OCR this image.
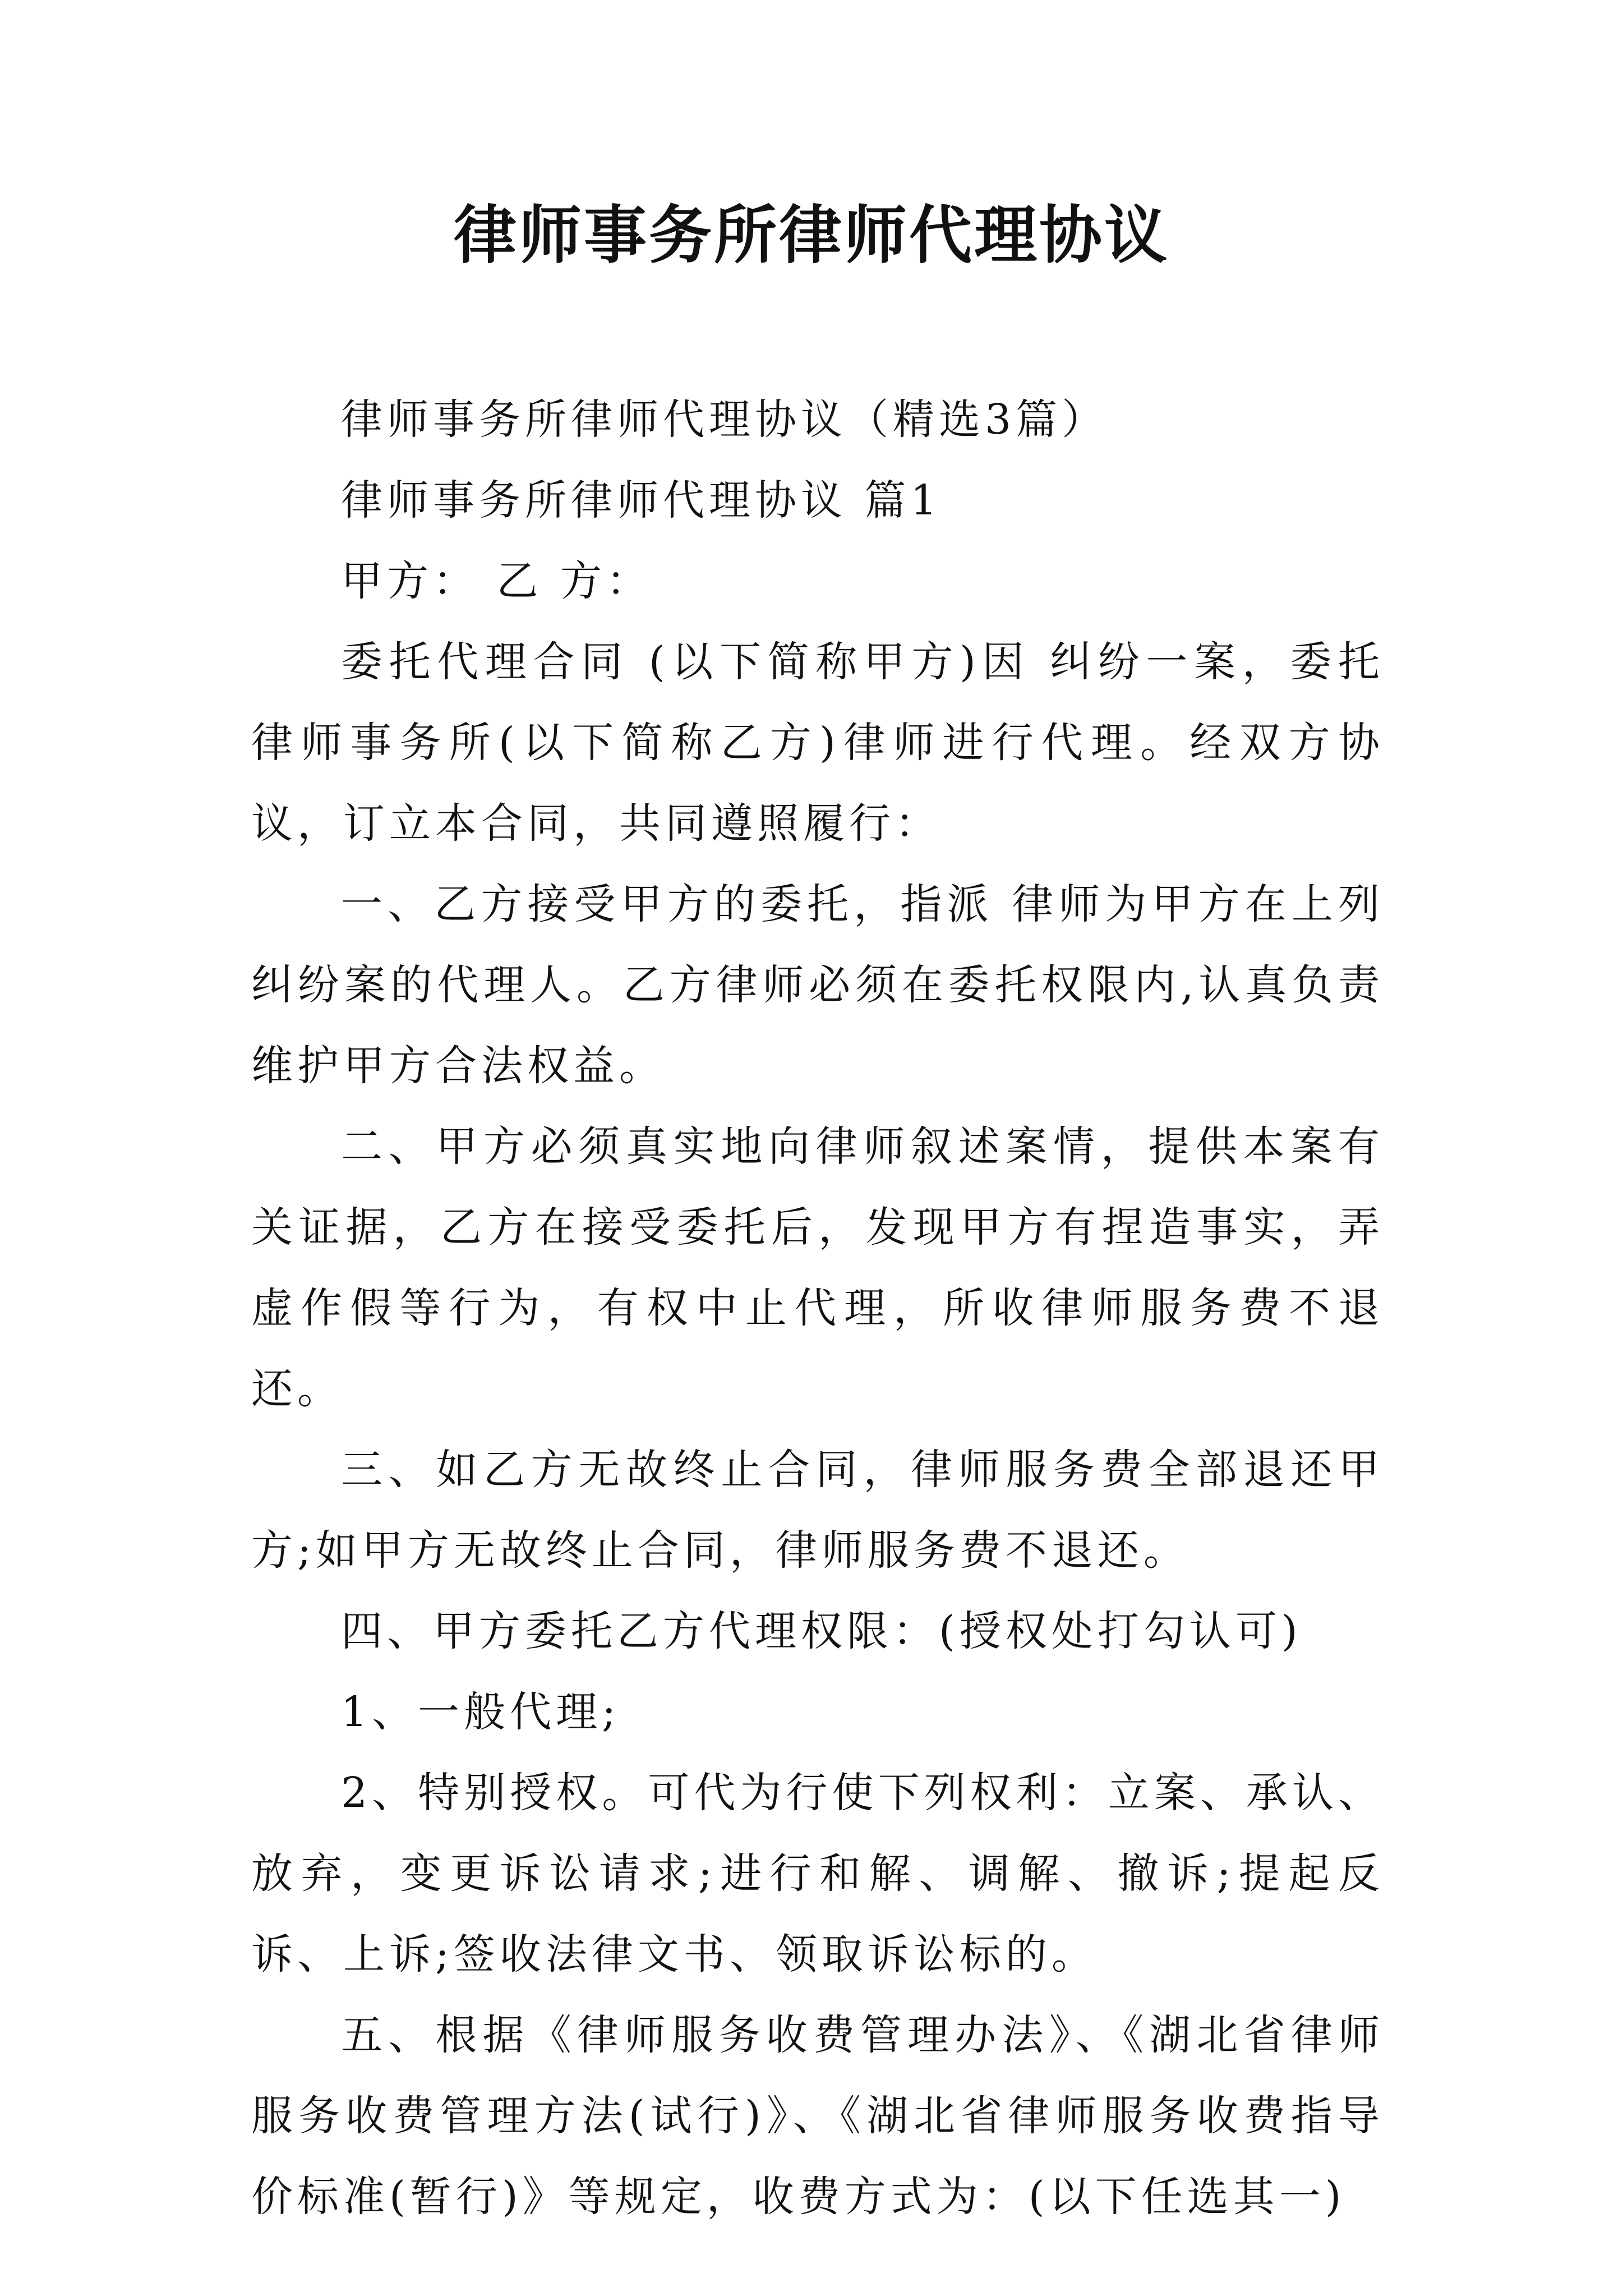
律师事务所律师代理协议

律师事务所律师代理协议（精选3篇）

律师事务所律师代理协议 篇1

甲方： 乙 方：

委托代理合同 (以下简称甲方)因 纠纷一案，委托 律师事务所(以下简称乙方)律师进行代理。经双方协议，订立本合同，共同遵照履行：

一、乙方接受甲方的委托，指派 律师为甲方在上列纠纷案的代理人。乙方律师必须在委托权限内,认真负责维护甲方合法权益。

二、甲方必须真实地向律师叙述案情，提供本案有关证据，乙方在接受委托后，发现甲方有捏造事实，弄虚作假等行为，有权中止代理，所收律师服务费不退还。

三、如乙方无故终止合同，律师服务费全部退还甲方;如甲方无故终止合同，律师服务费不退还。

四、甲方委托乙方代理权限：(授权处打勾认可)

1、一般代理;

2、特别授权。可代为行使下列权利：立案、承认、放弃，变更诉讼请求;进行和解、调解、撤诉;提起反诉、上诉;签收法律文书、领取诉讼标的。

五、根据《律师服务收费管理办法》、《湖北省律师服务收费管理方法(试行)》、《湖北省律师服务收费指导价标准(暂行)》等规定，收费方式为：(以下任选其一)
